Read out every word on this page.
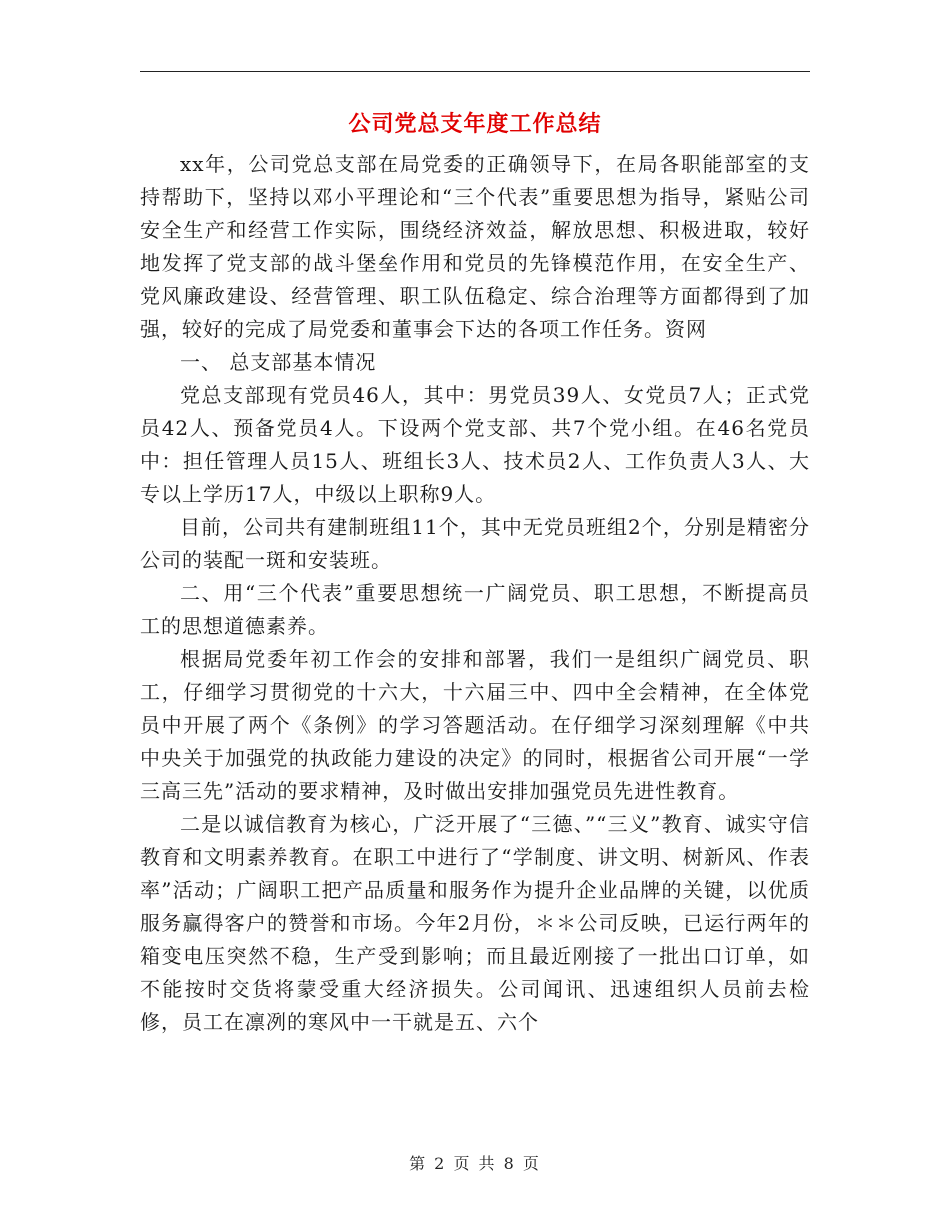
公司党总支年度工作总结

xx年，公司党总支部在局党委的正确领导下，在局各职能部室的支持帮助下，坚持以邓小平理论和“三个代表”重要思想为指导，紧贴公司安全生产和经营工作实际，围绕经济效益，解放思想、积极进取，较好地发挥了党支部的战斗堡垒作用和党员的先锋模范作用，在安全生产、党风廉政建设、经营管理、职工队伍稳定、综合治理等方面都得到了加强，较好的完成了局党委和董事会下达的各项工作任务。资网

一、 总支部基本情况

党总支部现有党员46人，其中：男党员39人、女党员7人；正式党员42人、预备党员4人。下设两个党支部、共7个党小组。在46名党员中：担任管理人员15人、班组长3人、技术员2人、工作负责人3人、大专以上学历17人，中级以上职称9人。

目前，公司共有建制班组11个，其中无党员班组2个，分别是精密分公司的装配一斑和安装班。

二、用“三个代表”重要思想统一广阔党员、职工思想，不断提高员工的思想道德素养。

根据局党委年初工作会的安排和部署，我们一是组织广阔党员、职工，仔细学习贯彻党的十六大，十六届三中、四中全会精神，在全体党员中开展了两个《条例》的学习答题活动。在仔细学习深刻理解《中共中央关于加强党的执政能力建设的决定》的同时，根据省公司开展“一学三高三先”活动的要求精神，及时做出安排加强党员先进性教育。

二是以诚信教育为核心，广泛开展了“三德、”“三义”教育、诚实守信教育和文明素养教育。在职工中进行了“学制度、讲文明、树新风、作表率”活动；广阔职工把产品质量和服务作为提升企业品牌的关键，以优质服务赢得客户的赞誉和市场。今年2月份，＊＊公司反映，已运行两年的箱变电压突然不稳，生产受到影响；而且最近刚接了一批出口订单，如不能按时交货将蒙受重大经济损失。公司闻讯、迅速组织人员前去检修，员工在凛冽的寒风中一干就是五、六个

第 2 页 共 8 页
